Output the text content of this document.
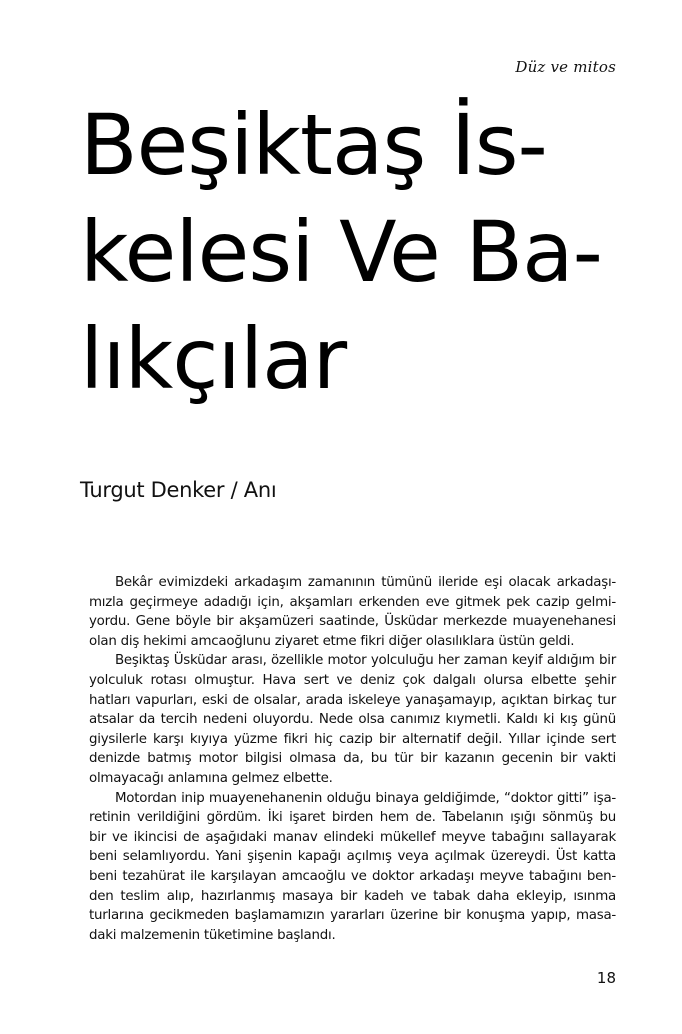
Düz ve mitos
Beşiktaş İs-
kelesi Ve Ba-
lıkçılar
Turgut Denker / Anı
Bekâr evimizdeki arkadaşım zamanının tümünü ileride eşi olacak arkadaşı-
mızla geçirmeye adadığı için, akşamları erkenden eve gitmek pek cazip gelmi-
yordu. Gene böyle bir akşamüzeri saatinde, Üsküdar merkezde muayenehanesi
olan diş hekimi amcaoğlunu ziyaret etme fikri diğer olasılıklara üstün geldi.
Beşiktaş Üsküdar arası, özellikle motor yolculuğu her zaman keyif aldığım bir
yolculuk rotası olmuştur. Hava sert ve deniz çok dalgalı olursa elbette şehir
hatları vapurları, eski de olsalar, arada iskeleye yanaşamayıp, açıktan birkaç tur
atsalar da tercih nedeni oluyordu. Nede olsa canımız kıymetli. Kaldı ki kış günü
giysilerle karşı kıyıya yüzme fikri hiç cazip bir alternatif değil. Yıllar içinde sert
denizde batmış motor bilgisi olmasa da, bu tür bir kazanın gecenin bir vakti
olmayacağı anlamına gelmez elbette.
Motordan inip muayenehanenin olduğu binaya geldiğimde, “doktor gitti” işa-
retinin verildiğini gördüm. İki işaret birden hem de. Tabelanın ışığı sönmüş bu
bir ve ikincisi de aşağıdaki manav elindeki mükellef meyve tabağını sallayarak
beni selamlıyordu. Yani şişenin kapağı açılmış veya açılmak üzereydi. Üst katta
beni tezahürat ile karşılayan amcaoğlu ve doktor arkadaşı meyve tabağını ben-
den teslim alıp, hazırlanmış masaya bir kadeh ve tabak daha ekleyip, ısınma
turlarına gecikmeden başlamamızın yararları üzerine bir konuşma yapıp, masa-
daki malzemenin tüketimine başlandı.
18
